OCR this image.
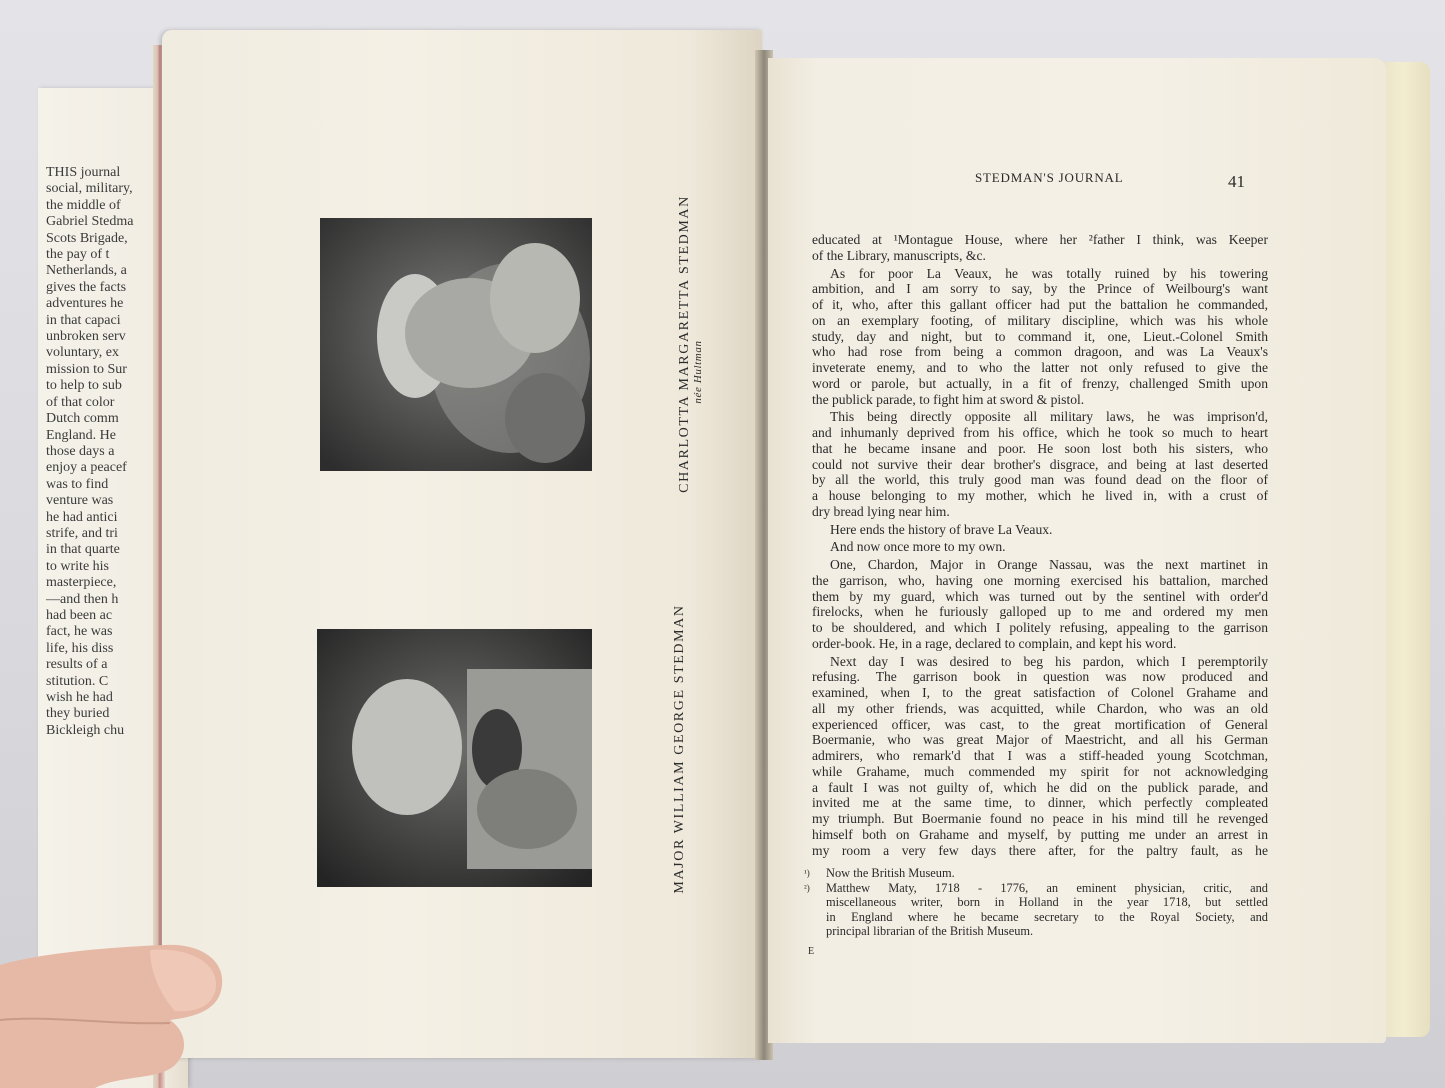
THIS journal
social, military,
the middle of
Gabriel Stedma
Scots Brigade,
the pay of t
Netherlands, a
gives the facts
adventures he
in that capaci
unbroken serv
voluntary, ex
mission to Sur
to help to sub
of that color
Dutch comm
England. He
those days a
enjoy a peacef
was to find
venture was
he had antici
strife, and tri
in that quarte
to write his
masterpiece,
—and then h
had been ac
fact, he was
life, his diss
results of a
stitution. C
wish he had
they buried
Bickleigh chu
CHARLOTTA MARGARETTA STEDMAN née Hultman
MAJOR WILLIAM GEORGE STEDMAN
STEDMAN'S JOURNAL	41
educated at ¹Montague House, where her ²father I think, was Keeper
of the Library, manuscripts, &c.
As for poor La Veaux, he was totally ruined by his towering
ambition, and I am sorry to say, by the Prince of Weilbourg's want
of it, who, after this gallant officer had put the battalion he commanded,
on an exemplary footing, of military discipline, which was his whole
study, day and night, but to command it, one, Lieut.-Colonel Smith
who had rose from being a common dragoon, and was La Veaux's
inveterate enemy, and to who the latter not only refused to give the
word or parole, but actually, in a fit of frenzy, challenged Smith upon
the publick parade, to fight him at sword & pistol.
This being directly opposite all military laws, he was imprison'd,
and inhumanly deprived from his office, which he took so much to heart
that he became insane and poor. He soon lost both his sisters, who
could not survive their dear brother's disgrace, and being at last deserted
by all the world, this truly good man was found dead on the floor of
a house belonging to my mother, which he lived in, with a crust of
dry bread lying near him.
Here ends the history of brave La Veaux.
And now once more to my own.
One, Chardon, Major in Orange Nassau, was the next martinet in
the garrison, who, having one morning exercised his battalion, marched
them by my guard, which was turned out by the sentinel with order'd
firelocks, when he furiously galloped up to me and ordered my men
to be shouldered, and which I politely refusing, appealing to the garrison
order-book. He, in a rage, declared to complain, and kept his word.
Next day I was desired to beg his pardon, which I peremptorily
refusing. The garrison book in question was now produced and
examined, when I, to the great satisfaction of Colonel Grahame and
all my other friends, was acquitted, while Chardon, who was an old
experienced officer, was cast, to the great mortification of General
Boermanie, who was great Major of Maestricht, and all his German
admirers, who remark'd that I was a stiff-headed young Scotchman,
while Grahame, much commended my spirit for not acknowledging
a fault I was not guilty of, which he did on the publick parade, and
invited me at the same time, to dinner, which perfectly compleated
my triumph. But Boermanie found no peace in his mind till he revenged
himself both on Grahame and myself, by putting me under an arrest in
my room a very few days there after, for the paltry fault, as he
¹) Now the British Museum.
²) Matthew Maty, 1718 - 1776, an eminent physician, critic, and
miscellaneous writer, born in Holland in the year 1718, but settled
in England where he became secretary to the Royal Society, and
principal librarian of the British Museum.
E
